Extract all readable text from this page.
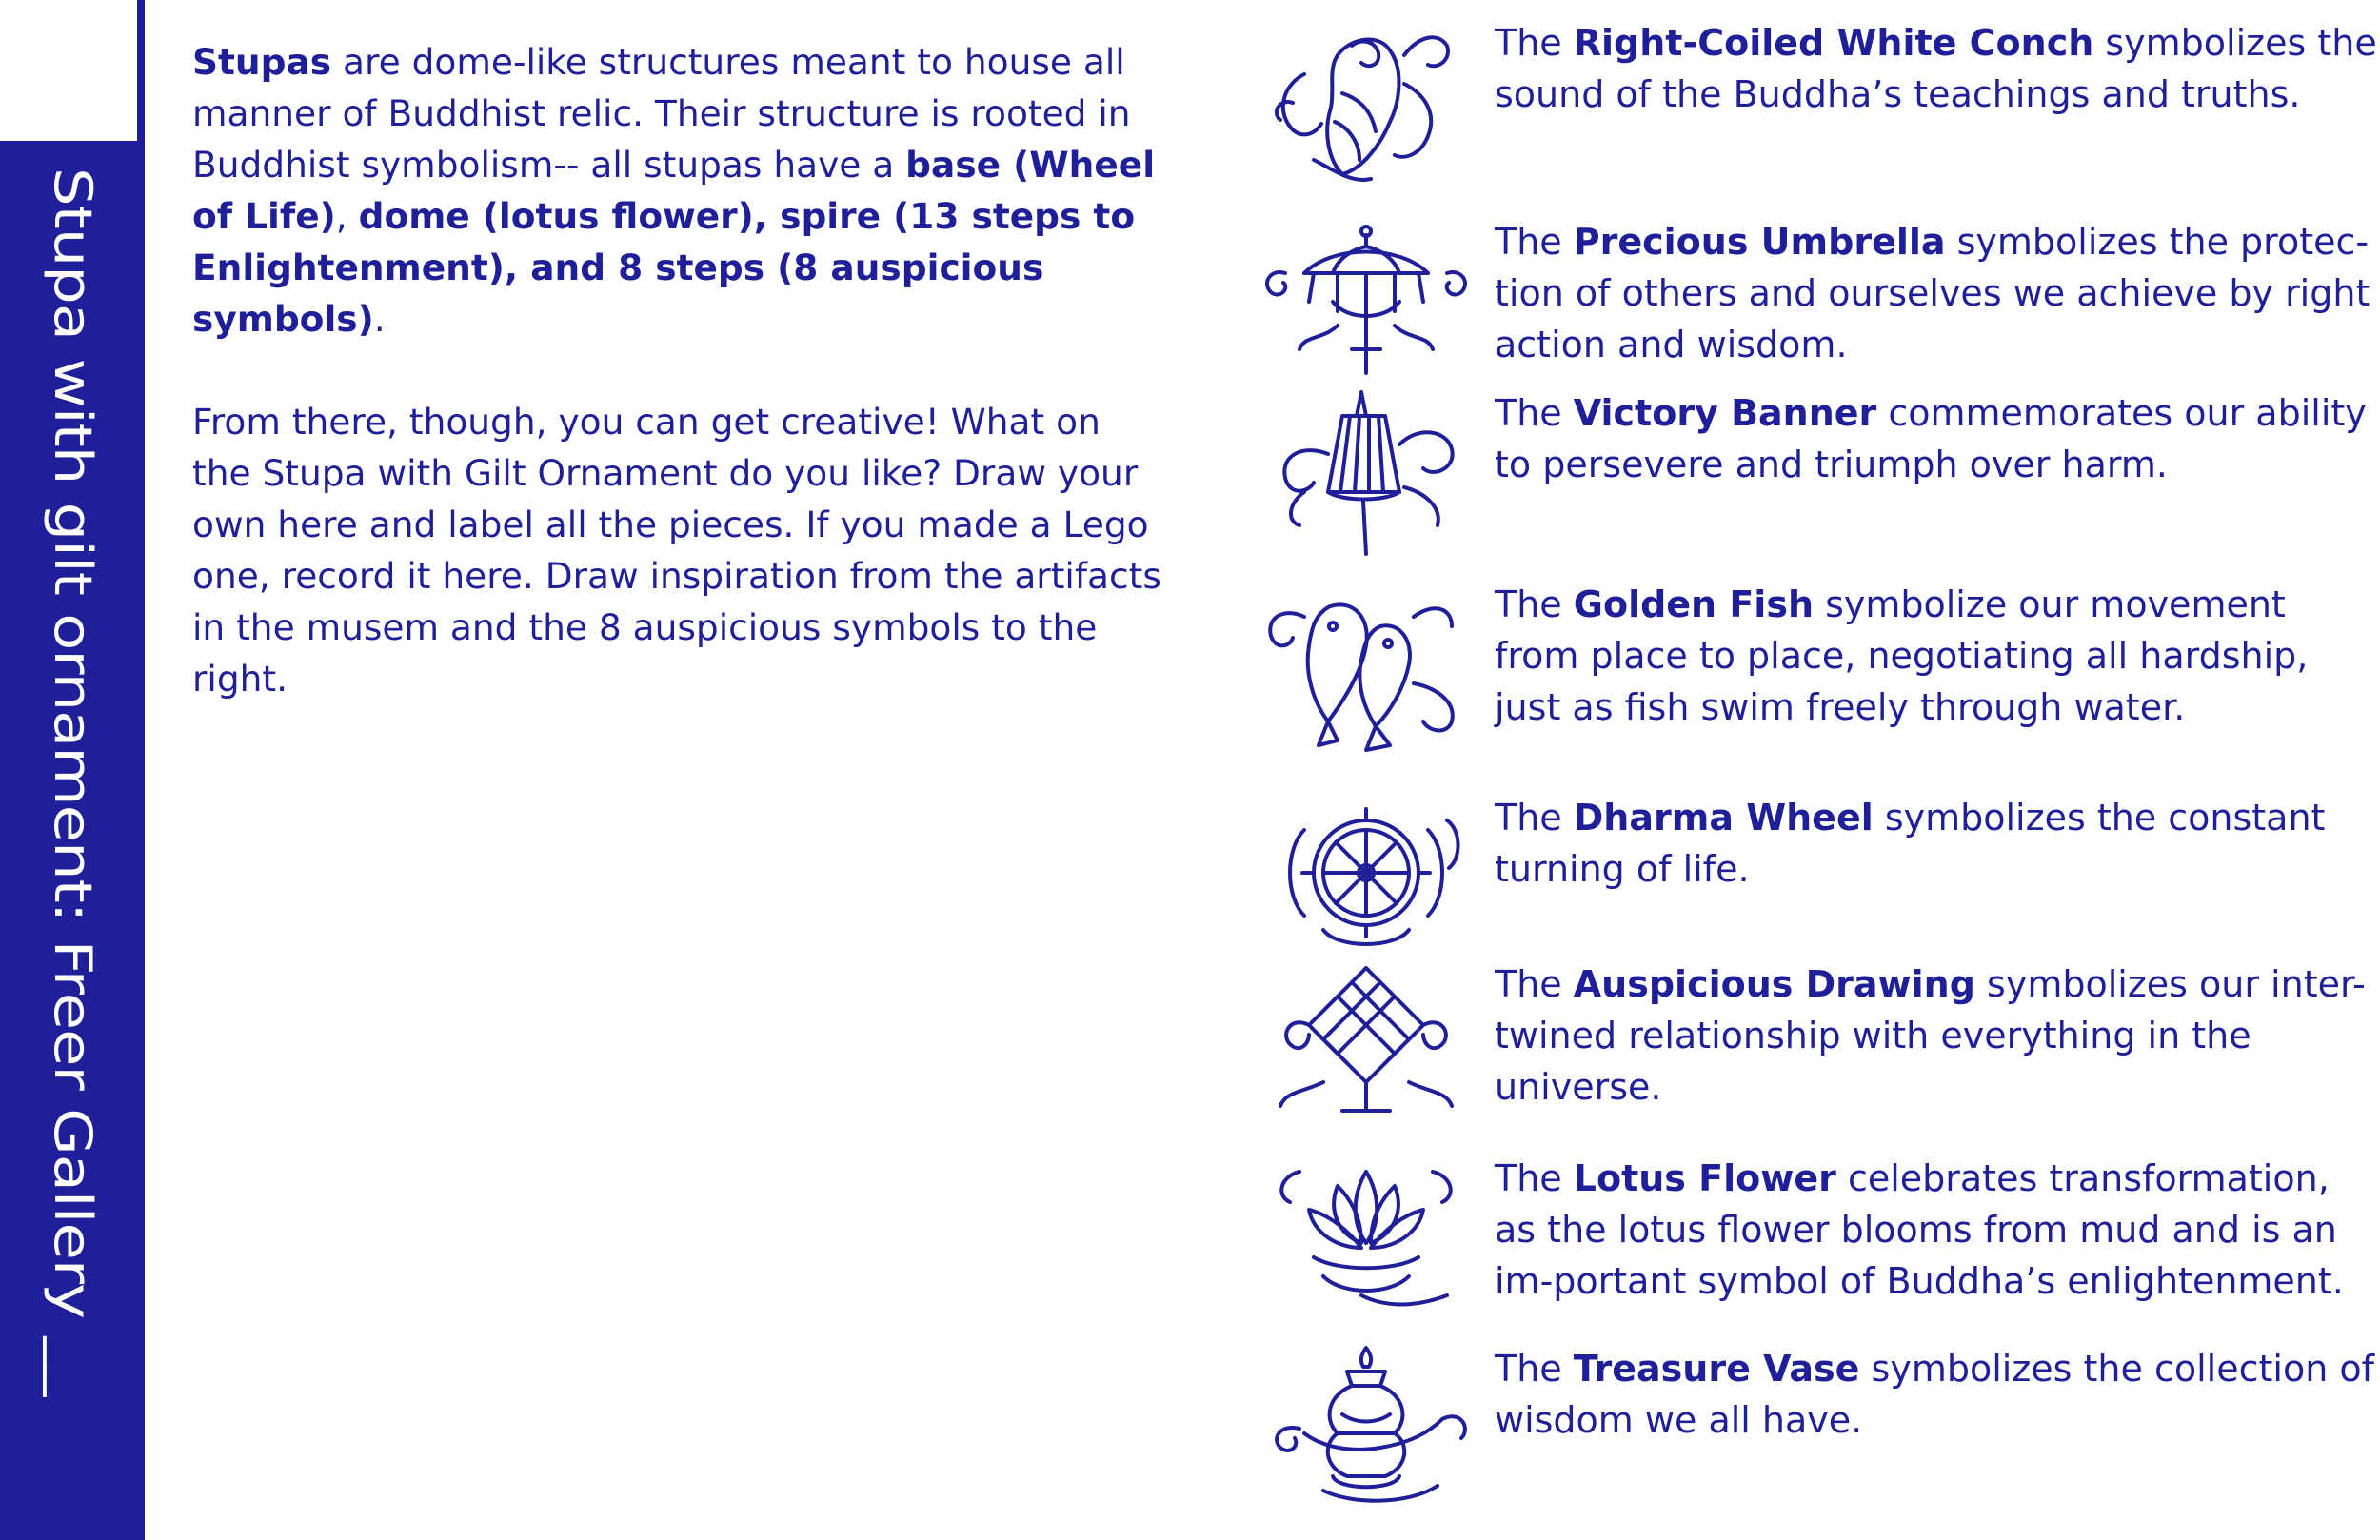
Stupa with gilt ornament: Freer Gallery __

Stupas are dome-like structures meant to house all manner of Buddhist relic. Their structure is rooted in Buddhist symbolism-- all stupas have a base (Wheel of Life), dome (lotus flower), spire (13 steps to Enlightenment), and 8 steps (8 auspicious symbols).

From there, though, you can get creative! What on the Stupa with Gilt Ornament do you like? Draw your own here and label all the pieces. If you made a Lego one, record it here. Draw inspiration from the artifacts in the musem and the 8 auspicious symbols to the right.

The Right-Coiled White Conch symbolizes the sound of the Buddha’s teachings and truths.
The Precious Umbrella symbolizes the protec-tion of others and ourselves we achieve by right action and wisdom.
The Victory Banner commemorates our ability to persevere and triumph over harm.
The Golden Fish symbolize our movement from place to place, negotiating all hardship, just as fish swim freely through water.
The Dharma Wheel symbolizes the constant turning of life.
The Auspicious Drawing symbolizes our inter-twined relationship with everything in the universe.
The Lotus Flower celebrates transformation, as the lotus flower blooms from mud and is an im-portant symbol of Buddha’s enlightenment.
The Treasure Vase symbolizes the collection of wisdom we all have.
